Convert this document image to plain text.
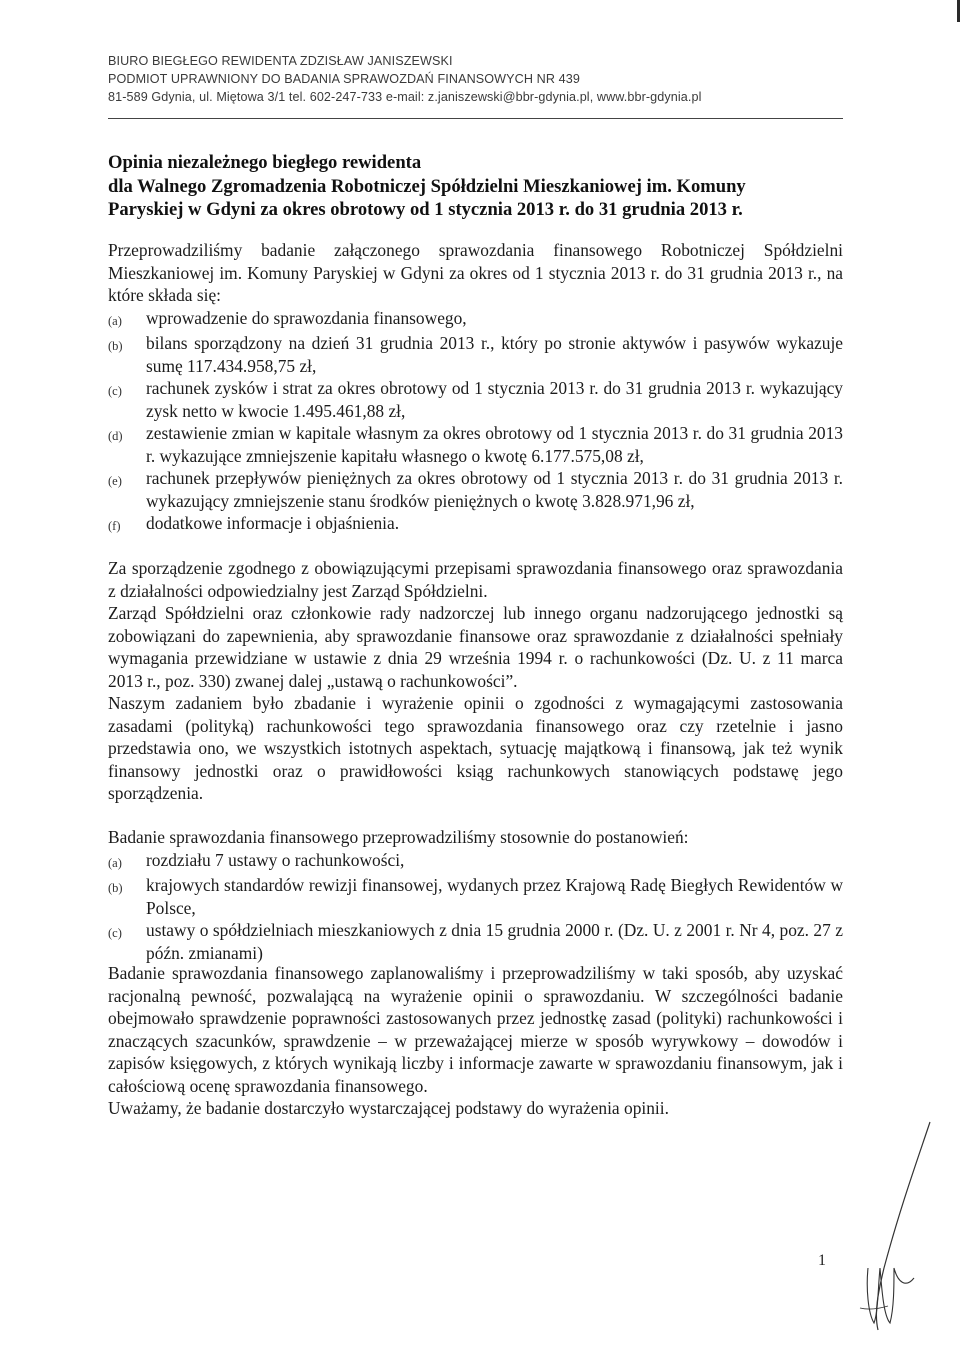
BIURO BIEGŁEGO REWIDENTA ZDZISŁAW JANISZEWSKI
PODMIOT UPRAWNIONY DO BADANIA SPRAWOZDAŃ FINANSOWYCH NR 439
81-589 Gdynia, ul. Miętowa 3/1 tel. 602-247-733 e-mail: z.janiszewski@bbr-gdynia.pl, www.bbr-gdynia.pl
Opinia niezależnego biegłego rewidenta
dla Walnego Zgromadzenia Robotniczej Spółdzielni Mieszkaniowej im. Komuny
Paryskiej w Gdyni za okres obrotowy od 1 stycznia 2013 r. do 31 grudnia 2013 r.

Przeprowadziliśmy badanie załączonego sprawozdania finansowego Robotniczej Spółdzielni Mieszkaniowej im. Komuny Paryskiej w Gdyni za okres od 1 stycznia 2013 r. do 31 grudnia 2013 r., na które składa się:

(a)	wprowadzenie do sprawozdania finansowego,
(b)	bilans sporządzony na dzień 31 grudnia 2013 r., który po stronie aktywów i pasywów wykazuje sumę 117.434.958,75 zł,
(c)	rachunek zysków i strat za okres obrotowy od 1 stycznia 2013 r. do 31 grudnia 2013 r. wykazujący zysk netto w kwocie 1.495.461,88 zł,
(d)	zestawienie zmian w kapitale własnym za okres obrotowy od 1 stycznia 2013 r. do 31 grudnia 2013 r. wykazujące zmniejszenie kapitału własnego o kwotę 6.177.575,08 zł,
(e)	rachunek przepływów pieniężnych za okres obrotowy od 1 stycznia 2013 r. do 31 grudnia 2013 r. wykazujący zmniejszenie stanu środków pieniężnych o kwotę 3.828.971,96 zł,
(f)	dodatkowe informacje i objaśnienia.

Za sporządzenie zgodnego z obowiązującymi przepisami sprawozdania finansowego oraz sprawozdania z działalności odpowiedzialny jest Zarząd Spółdzielni.

Zarząd Spółdzielni oraz członkowie rady nadzorczej lub innego organu nadzorującego jednostki są zobowiązani do zapewnienia, aby sprawozdanie finansowe oraz sprawozdanie z działalności spełniały wymagania przewidziane w ustawie z dnia 29 września 1994 r. o rachunkowości (Dz. U. z 11 marca 2013 r., poz. 330) zwanej dalej „ustawą o rachunkowości”.

Naszym zadaniem było zbadanie i wyrażenie opinii o zgodności z wymagającymi zastosowania zasadami (polityką) rachunkowości tego sprawozdania finansowego oraz czy rzetelnie i jasno przedstawia ono, we wszystkich istotnych aspektach, sytuację majątkową i finansową, jak też wynik finansowy jednostki oraz o prawidłowości ksiąg rachunkowych stanowiących podstawę jego sporządzenia.

Badanie sprawozdania finansowego przeprowadziliśmy stosownie do postanowień:

(a)	rozdziału 7 ustawy o rachunkowości,
(b)	krajowych standardów rewizji finansowej, wydanych przez Krajową Radę Biegłych Rewidentów w Polsce,
(c)	ustawy o spółdzielniach mieszkaniowych z dnia 15 grudnia 2000 r. (Dz. U. z 2001 r. Nr 4, poz. 27 z późn. zmianami)

Badanie sprawozdania finansowego zaplanowaliśmy i przeprowadziliśmy w taki sposób, aby uzyskać racjonalną pewność, pozwalającą na wyrażenie opinii o sprawozdaniu. W szczególności badanie obejmowało sprawdzenie poprawności zastosowanych przez jednostkę zasad (polityki) rachunkowości i znaczących szacunków, sprawdzenie – w przeważającej mierze w sposób wyrywkowy – dowodów i zapisów księgowych, z których wynikają liczby i informacje zawarte w sprawozdaniu finansowym, jak i całościową ocenę sprawozdania finansowego.

Uważamy, że badanie dostarczyło wystarczającej podstawy do wyrażenia opinii.

1
